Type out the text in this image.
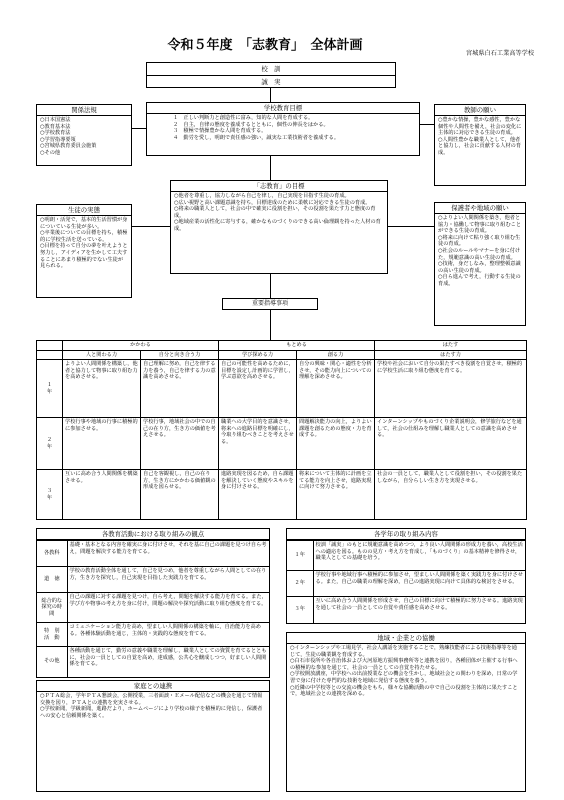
令和５年度　「志教育」　全体計画
宮城県白石工業高等学校
校　訓
誠　実
関係法規
○日本国憲法
○教育基本法
○学校教育法
○学習指導要領
○宮城県教育委員会施策
○その他
学校教育目標
１　正しい判断力と創造性に富み，知的な人間を育成する。
２　自主，自律の態度を養成するとともに，個性の伸長をはかる。
３　積極で情操豊かな人間を育成する。
４　勤労を愛し，明朗で責任感の強い，誠実な工業技術者を養成する。
教師の願い
○豊かな情操，豊かな感性，豊かな個性や人間性を備え，社会の変化に主体的に対応できる生徒の育成。
○人間性豊かな職業人として，他者と協力し，社会に貢献する人材の育成。
生徒の実態
○明朗・活発で，基本的生活習慣が身についている生徒が多い。
○卒業後についての目標を持ち，積極的に学校生活を送っている。
○目標を持って自分の夢を叶えようと努力し，アイディアを生かして工夫することにあまり積極的でない生徒が見られる。
「志教育」の目標
○他者を尊重し，協力しながら自己を律し，自己実現を目指す生徒の育成。
○広い視野と高い課題意識を持ち，目標達成のために柔軟に対応できる生徒の育成。
○将来の職業人として，社会の中で確実に役割を担い，その役割を果たす力と態度の育成。
○地域産業の活性化に寄与する，確かなものづくりのできる高い倫理観を持った人材の育成。
保護者や地域の願い
○よりよい人間関係を築き，他者と協力・協働して物事に取り組むことができる生徒の育成。
○将来に向けて粘り強く取り組む生徒の育成。
○社会のルールやマナーを身に付けた，規範意識の高い生徒の育成。
○技術，身だしなみ，整理整頓意識の高い生徒の育成。
○自ら進んで考え，行動する生徒の育成。
重要指導事項
	かかわる		もとめる		はたす
	人と関わる力	自分と向き合う力	学び探める力	創る力	はたす力
１
年	よりよい人間関係を構築し，他者と協力して物事に取り組む力を高めさせる。	自己理解に努め，自己を律する力を養う，自己を律する力の意識を高めさせる。	自己の可能性を高めるために，目標を設定し計画的に学習し，学ぶ意欲を高めさせる。	自分の興味・関心・適性を分析させ，その能力向上についての理解を深めさせる。	学校や社会において自分の果たすべき役割を自覚させ，積極的に学校生活に取り組む態度を育てる。
２
年	学校行事や地域の行事に積極的に参加させる。	学校行事，地域社会の中での自己の在り方，生き方の価値を考えさせる。	職業への大学目的を意識させ，将来への進路目標を明確にし，今取り組むべきことを考えさせる。	問題解決能力の向上，よりよい課題を創るための態度・力を育成する。	インターンシップやものづくり企業説明会，修学旅行などを通して，社会の仕組みを理解し職業人としての意識を高めさせる。
３
年	互いに高め合う人間関係を構築させる。	自己を客観視し，自己の在り方，生き方にかかわる価値観の形成を図らせる。	進路実現を図るため，自ら課題を解決していく態度やスキルを身に付けさせる。	将来について主体的に計画を立てる能力を向上させ，進路実現に向けて努力させる。	社会の一員として，職業人として役割を担い，その役割を果たしながら，自分らしい生き方を実現させる。
各教育活動における取り組みの観点
各教科	基礎・基本となる内容を確実に身に付けさせ，それを基に自己の課題を見つけ自ら考え，問題を解決する能力を育てる。
道　徳	学校の教育活動全体を通して，自己を見つめ，他者を尊重しながら人間としての在り方，生き方を探究し，自己実現を目指した実践力を育てる。
総合的な探究の時間	自己の課題に対する課題を見つけ，自ら考え，問題を解決する能力を育てる。また，学び方や物事の考え方を身に付け，問題の解決や探究活動に取り組む態度を育てる。
特　別
活　動	コミュニケーション能力を高め，望ましい人間関係の構築を軸に，自治能力を高める。各種体験活動を通じ，主体的・実践的な態度を育てる。
その他	各種活動を通じて，勤労の意義や職業を理解し，職業人としての資質を育てるとともに，社会の一員としての自覚を高め，達成感，公共心を醸成しつつ，好ましい人間関係を育てる。
各学年の取り組み内容
１年	校訓「誠実」のもとに規範意識を高めつつ，より良い人間関係の形成力を養い，高校生活への適応を図る。ものの見方・考え方を育成し，「ものづくり」の基本精神を修得させ，職業人としての基礎を培う。
２年	学校行事や地域行事へ積極的に参加させ，望ましい人間関係を築く実践力を身に付けさせる。また，自己の職業の理解を深め，自己の進路実現に向けて具体的な検討をさせる。
３年	互いに高め合う人間関係を形成させ，自己の目標に向けて積極的に努力させる。進路実現を通して社会の一員としての自覚や責任感を高めさせる。
地域・企業との協働
○インターンシップや工場見学，社会人講話を実施することで，熟練技能者による技術指導等を通じて，生徒の職業観を育成する。
○白石市役所や各自治体および大河原地方振興事務所等と連携を図り，各種団体が主催する行事への積極的な参加を通じて，社会の一員としての自覚を持たせる。
○学校開放講座，中学校への出前授業などの機会を生かし，地域社会との関わりを深め，日常の学習で身に付けた専門的な技術を地域に発信する態度を養う。
○近隣の中学校等との交流の機会をもち，様々な協働活動の中で自己の役割を主体的に果たすことで，地域社会との連携を深める。
家庭との連携
○ＰＴＡ総会，学年ＰＴＡ懇談会，公開授業，三者面談・Ｅメール配信などの機会を通じて情報交換を図り，ＰＴＡとの連携を充実させる。
○学校新聞，学級新聞，進路だより，ホームページにより学校の様子を積極的に発信し，保護者への安心と信頼関係を築く。
